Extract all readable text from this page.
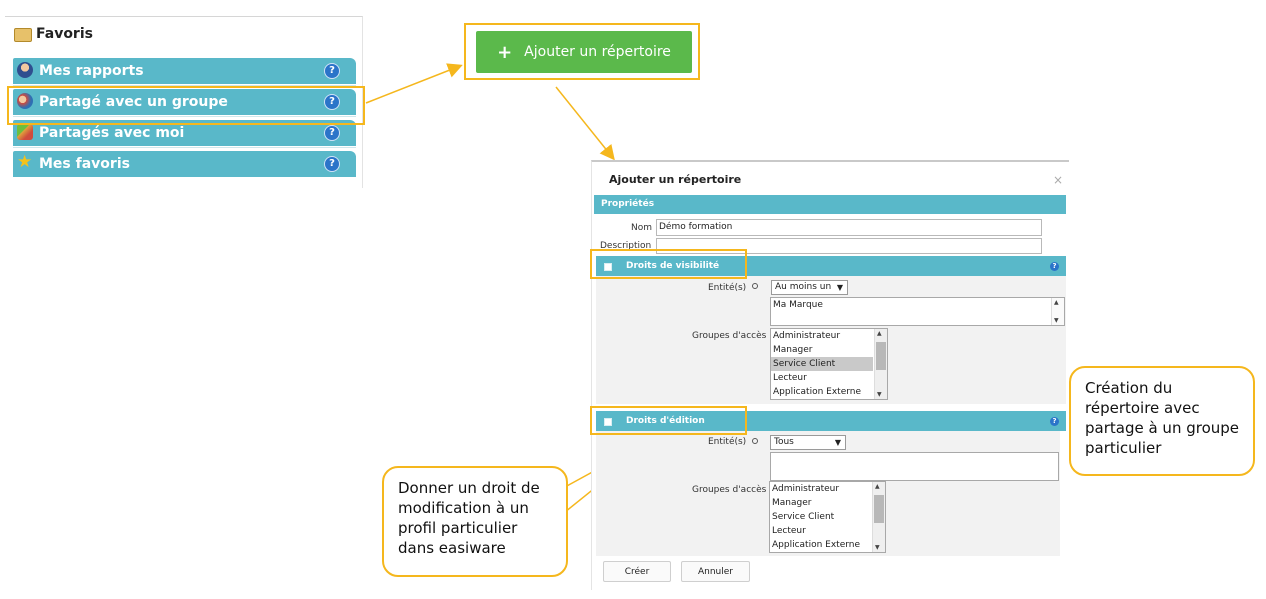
Favoris
Mes rapports	?
Partagé avec un groupe	?
Partagés avec moi	?
★ Mes favoris	?
+ Ajouter un répertoire
Ajouter un répertoire	×
Propriétés
Nom Démo formation
Description
Droits de visibilité	?
Entité(s)	Au moins un ▼
Ma Marque	▲
▼
Groupes d'accès Administrateur
Manager
Service Client
Lecteur
Application Externe
▲
▼
Droits d'édition	?
Entité(s)	Tous	▼
Groupes d'accès Administrateur
Manager
Service Client
Lecteur
Application Externe
▲
▼
Créer	Annuler
Création du répertoire avec partage à un groupe particulier
Donner un droit de modification à un profil particulier dans easiware
